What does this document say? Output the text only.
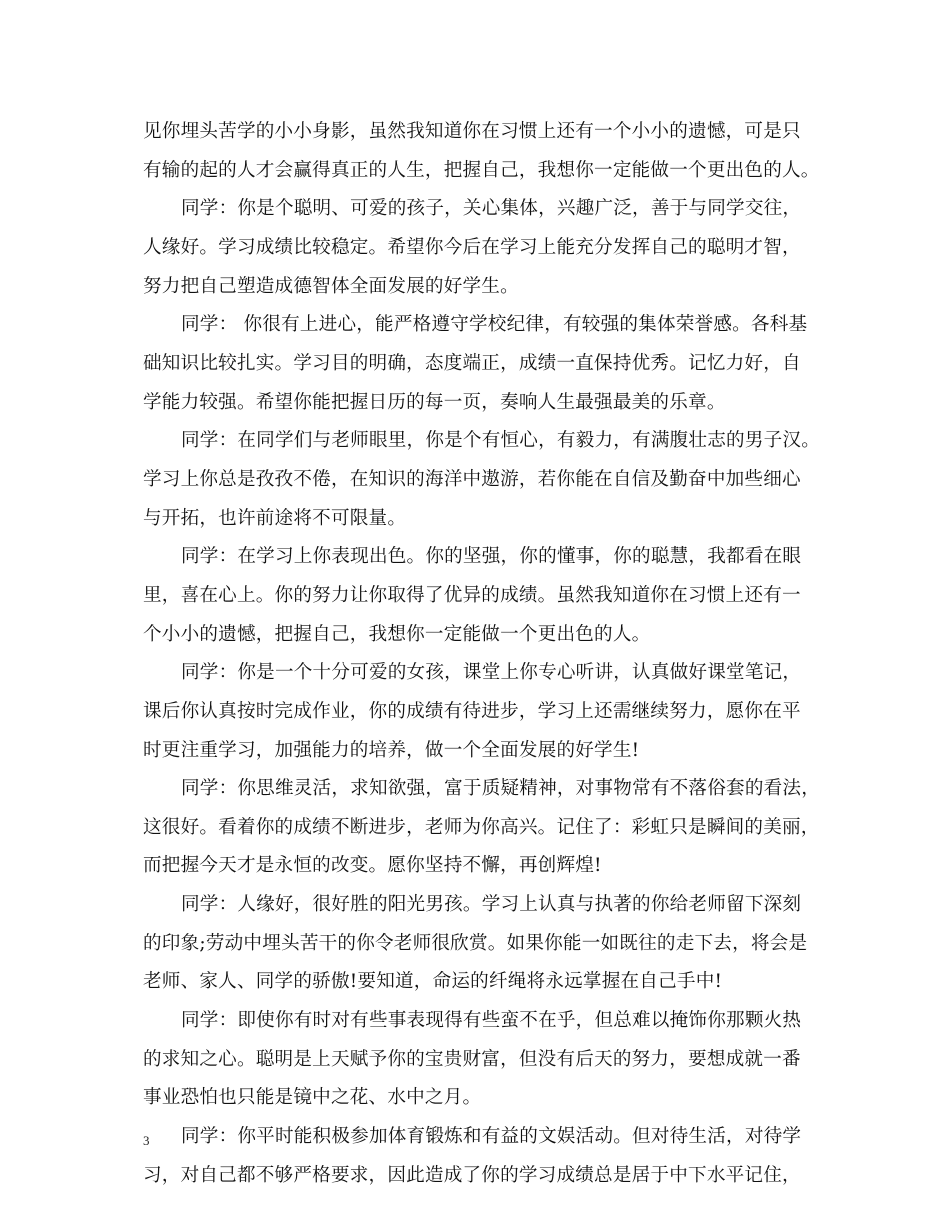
见你埋头苦学的小小身影，虽然我知道你在习惯上还有一个小小的遗憾，可是只
有输的起的人才会赢得真正的人生，把握自己，我想你一定能做一个更出色的人。
同学：你是个聪明、可爱的孩子，关心集体，兴趣广泛，善于与同学交往，
人缘好。学习成绩比较稳定。希望你今后在学习上能充分发挥自己的聪明才智，
努力把自己塑造成德智体全面发展的好学生。
同学： 你很有上进心，能严格遵守学校纪律，有较强的集体荣誉感。各科基
础知识比较扎实。学习目的明确，态度端正，成绩一直保持优秀。记忆力好，自
学能力较强。希望你能把握日历的每一页，奏响人生最强最美的乐章。
同学：在同学们与老师眼里，你是个有恒心，有毅力，有满腹壮志的男子汉。
学习上你总是孜孜不倦，在知识的海洋中遨游，若你能在自信及勤奋中加些细心
与开拓，也许前途将不可限量。
同学：在学习上你表现出色。你的坚强，你的懂事，你的聪慧，我都看在眼
里，喜在心上。你的努力让你取得了优异的成绩。虽然我知道你在习惯上还有一
个小小的遗憾，把握自己，我想你一定能做一个更出色的人。
同学：你是一个十分可爱的女孩，课堂上你专心听讲，认真做好课堂笔记，
课后你认真按时完成作业，你的成绩有待进步，学习上还需继续努力，愿你在平
时更注重学习，加强能力的培养，做一个全面发展的好学生!
同学：你思维灵活，求知欲强，富于质疑精神，对事物常有不落俗套的看法，
这很好。看着你的成绩不断进步，老师为你高兴。记住了：彩虹只是瞬间的美丽，
而把握今天才是永恒的改变。愿你坚持不懈，再创辉煌!
同学：人缘好，很好胜的阳光男孩。学习上认真与执著的你给老师留下深刻
的印象;劳动中埋头苦干的你令老师很欣赏。如果你能一如既往的走下去，将会是
老师、家人、同学的骄傲!要知道，命运的纤绳将永远掌握在自己手中!
同学：即使你有时对有些事表现得有些蛮不在乎，但总难以掩饰你那颗火热
的求知之心。聪明是上天赋予你的宝贵财富，但没有后天的努力，要想成就一番
事业恐怕也只能是镜中之花、水中之月。
同学：你平时能积极参加体育锻炼和有益的文娱活动。但对待生活，对待学
习，对自己都不够严格要求，因此造成了你的学习成绩总是居于中下水平记住，
3
